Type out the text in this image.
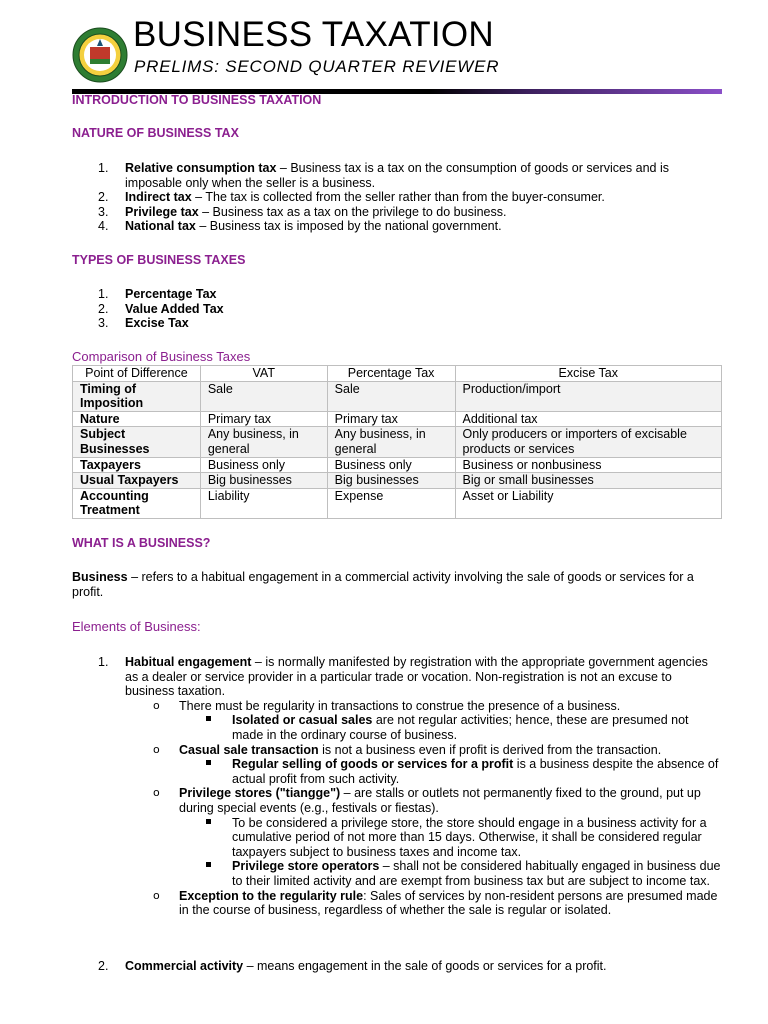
BUSINESS TAXATION
PRELIMS: SECOND QUARTER REVIEWER
INTRODUCTION TO BUSINESS TAXATION
NATURE OF BUSINESS TAX
1. Relative consumption tax – Business tax is a tax on the consumption of goods or services and is imposable only when the seller is a business.
2. Indirect tax – The tax is collected from the seller rather than from the buyer-consumer.
3. Privilege tax – Business tax as a tax on the privilege to do business.
4. National tax – Business tax is imposed by the national government.
TYPES OF BUSINESS TAXES
1. Percentage Tax
2. Value Added Tax
3. Excise Tax
Comparison of Business Taxes
Point of Difference	VAT	Percentage Tax	Excise Tax
Timing of Imposition	Sale	Sale	Production/import
Nature	Primary tax	Primary tax	Additional tax
Subject Businesses	Any business, in general	Any business, in general	Only producers or importers of excisable products or services
Taxpayers	Business only	Business only	Business or nonbusiness
Usual Taxpayers	Big businesses	Big businesses	Big or small businesses
Accounting Treatment	Liability	Expense	Asset or Liability
WHAT IS A BUSINESS?
Business – refers to a habitual engagement in a commercial activity involving the sale of goods or services for a profit.
Elements of Business:
1. Habitual engagement – is normally manifested by registration with the appropriate government agencies as a dealer or service provider in a particular trade or vocation. Non-registration is not an excuse to business taxation.
o There must be regularity in transactions to construe the presence of a business.
Isolated or casual sales are not regular activities; hence, these are presumed not made in the ordinary course of business.
o Casual sale transaction is not a business even if profit is derived from the transaction.
Regular selling of goods or services for a profit is a business despite the absence of actual profit from such activity.
o Privilege stores ("tiangge") – are stalls or outlets not permanently fixed to the ground, put up during special events (e.g., festivals or fiestas).
To be considered a privilege store, the store should engage in a business activity for a cumulative period of not more than 15 days. Otherwise, it shall be considered regular taxpayers subject to business taxes and income tax.
Privilege store operators – shall not be considered habitually engaged in business due to their limited activity and are exempt from business tax but are subject to income tax.
o Exception to the regularity rule: Sales of services by non-resident persons are presumed made in the course of business, regardless of whether the sale is regular or isolated.
2. Commercial activity – means engagement in the sale of goods or services for a profit.
